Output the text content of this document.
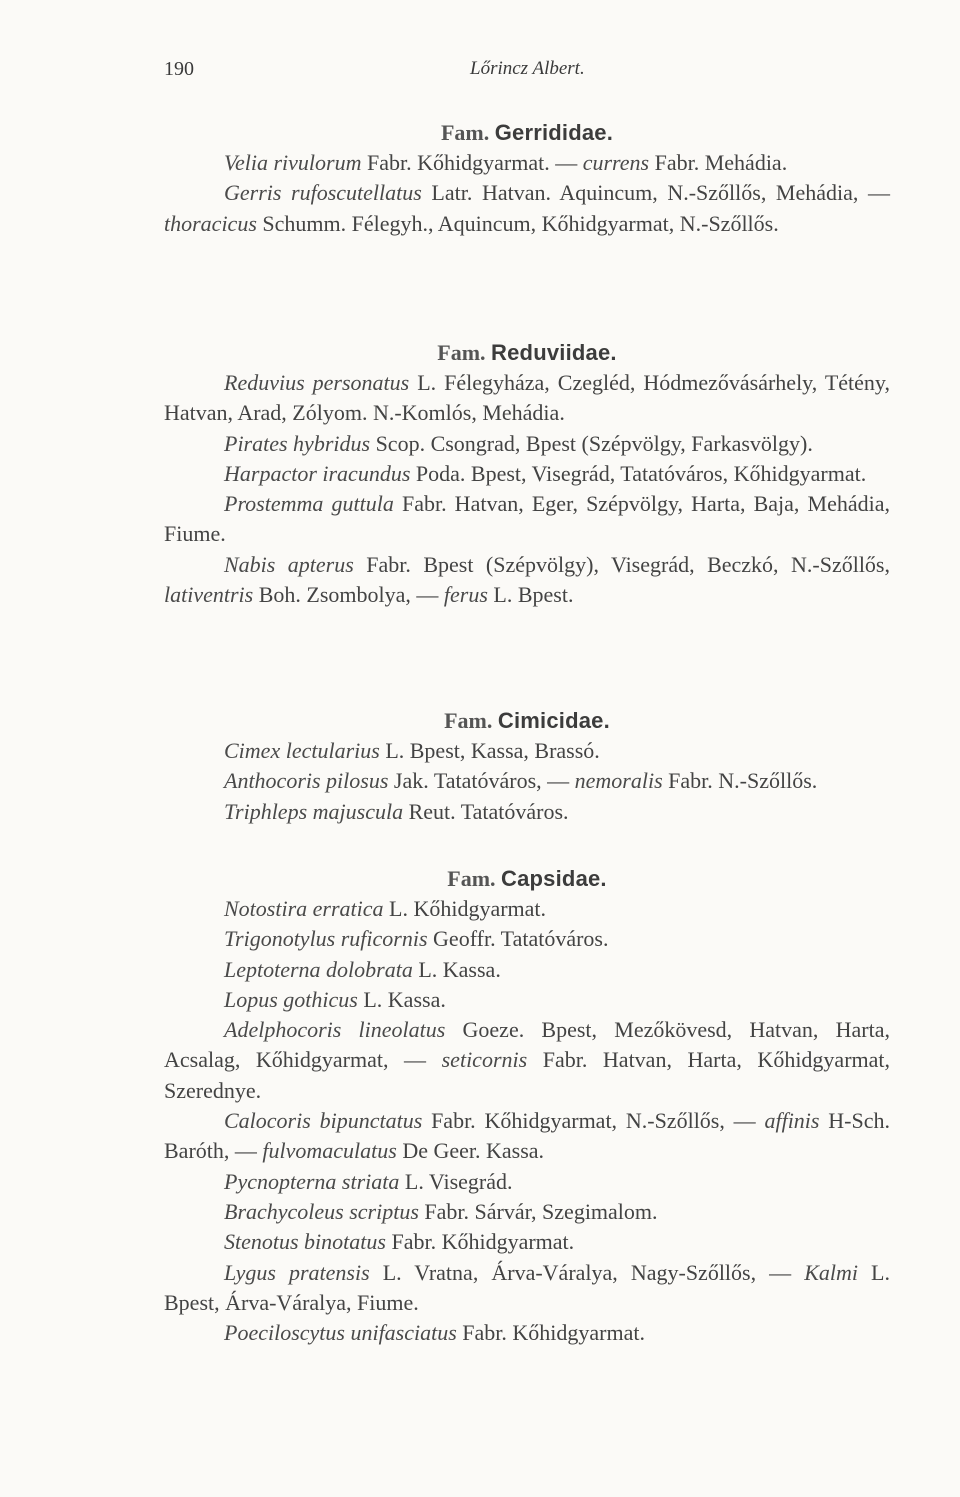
190	Lőrincz Albert.
Fam. Gerrididae.

Velia rivulorum Fabr. Kőhidgyarmat. — currens Fabr. Mehádia.

Gerris rufoscutellatus Latr. Hatvan. Aquincum, N.-Szőllős, Mehádia, — thoracicus Schumm. Félegyh., Aquincum, Kőhidgyarmat, N.-Szőllős.

Fam. Reduviidae.

Reduvius personatus L. Félegyháza, Czegléd, Hódmezővásárhely, Tétény, Hatvan, Arad, Zólyom. N.-Komlós, Mehádia.

Pirates hybridus Scop. Csongrad, Bpest (Szépvölgy, Farkasvölgy).

Harpactor iracundus Poda. Bpest, Visegrád, Tatatóváros, Kőhidgyarmat.

Prostemma guttula Fabr. Hatvan, Eger, Szépvölgy, Harta, Baja, Mehádia, Fiume.

Nabis apterus Fabr. Bpest (Szépvölgy), Visegrád, Beczkó, N.-Szőllős, lativentris Boh. Zsombolya, — ferus L. Bpest.

Fam. Cimicidae.

Cimex lectularius L. Bpest, Kassa, Brassó.

Anthocoris pilosus Jak. Tatatóváros, — nemoralis Fabr. N.-Szőllős.

Triphleps majuscula Reut. Tatatóváros.

Fam. Capsidae.

Notostira erratica L. Kőhidgyarmat.

Trigonotylus ruficornis Geoffr. Tatatóváros.

Leptoterna dolobrata L. Kassa.

Lopus gothicus L. Kassa.

Adelphocoris lineolatus Goeze. Bpest, Mezőkövesd, Hatvan, Harta, Acsalag, Kőhidgyarmat, — seticornis Fabr. Hatvan, Harta, Kőhidgyarmat, Szerednye.

Calocoris bipunctatus Fabr. Kőhidgyarmat, N.-Szőllős, — affinis H-Sch. Baróth, — fulvomaculatus De Geer. Kassa.

Pycnopterna striata L. Visegrád.

Brachycoleus scriptus Fabr. Sárvár, Szegimalom.

Stenotus binotatus Fabr. Kőhidgyarmat.

Lygus pratensis L. Vratna, Árva-Váralya, Nagy-Szőllős, — Kalmi L. Bpest, Árva-Váralya, Fiume.

Poeciloscytus unifasciatus Fabr. Kőhidgyarmat.
